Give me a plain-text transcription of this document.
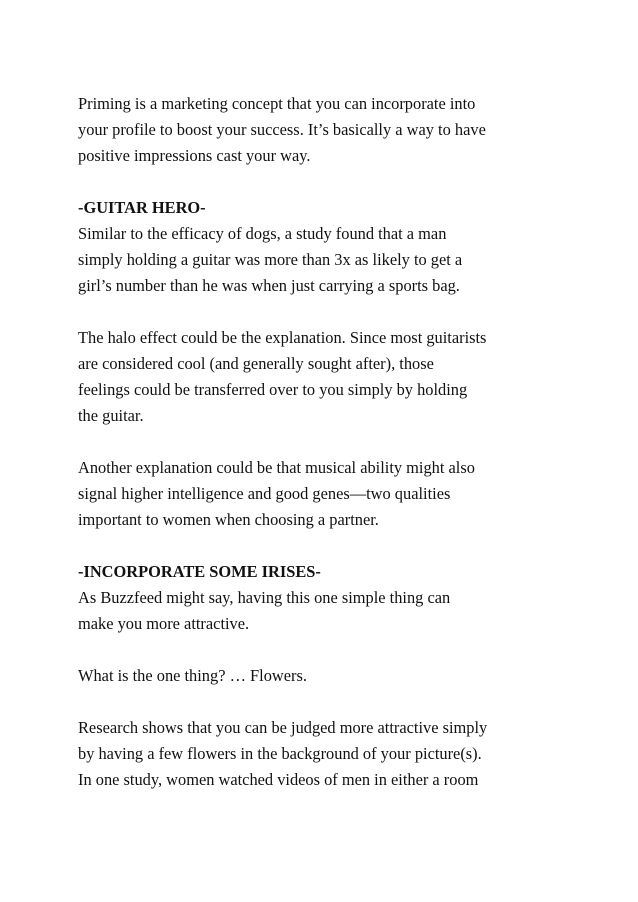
Priming is a marketing concept that you can incorporate into
your profile to boost your success. It’s basically a way to have
positive impressions cast your way.
-GUITAR HERO-
Similar to the efficacy of dogs, a study found that a man
simply holding a guitar was more than 3x as likely to get a
girl’s number than he was when just carrying a sports bag.
The halo effect could be the explanation. Since most guitarists
are considered cool (and generally sought after), those
feelings could be transferred over to you simply by holding
the guitar.
Another explanation could be that musical ability might also
signal higher intelligence and good genes—two qualities
important to women when choosing a partner.
-INCORPORATE SOME IRISES-
As Buzzfeed might say, having this one simple thing can
make you more attractive.
What is the one thing? … Flowers.
Research shows that you can be judged more attractive simply
by having a few flowers in the background of your picture(s).
In one study, women watched videos of men in either a room
